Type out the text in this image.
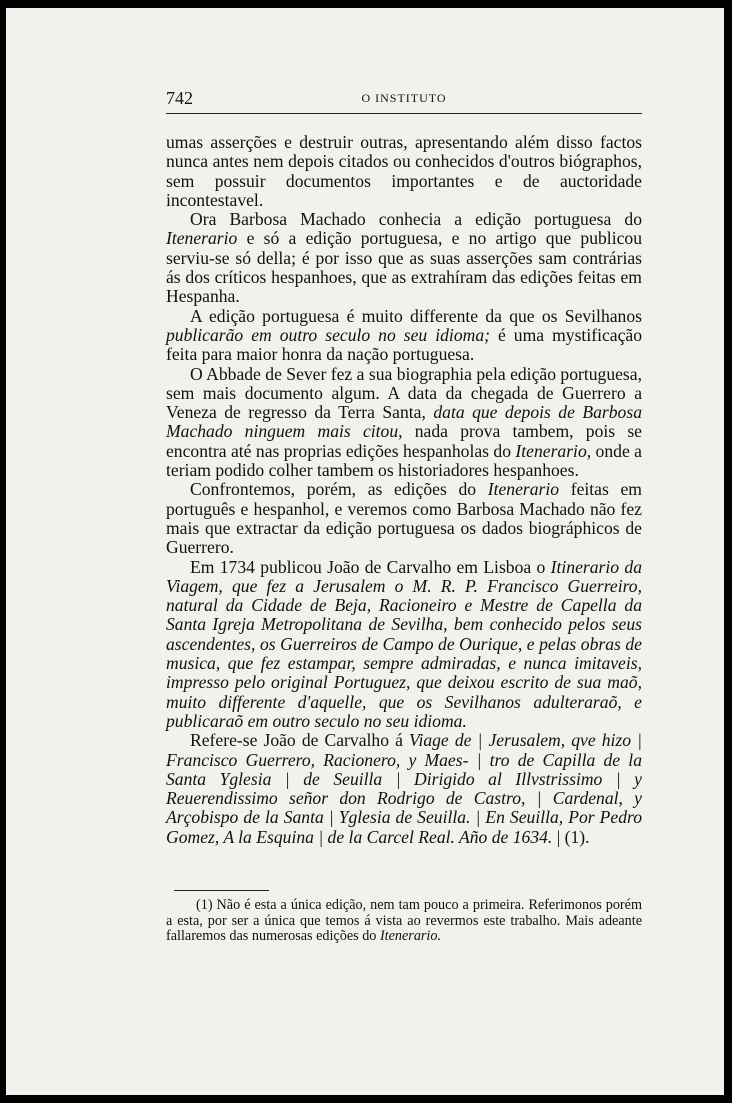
742	O INSTITUTO

umas asserções e destruir outras, apresentando além disso factos nunca antes nem depois citados ou conhecidos d'outros biógraphos, sem possuir documentos importantes e de auctoridade incontestavel.

Ora Barbosa Machado conhecia a edição portuguesa do Itenerario e só a edição portuguesa, e no artigo que publicou serviu-se só della; é por isso que as suas asserções sam contrárias ás dos críticos hespanhoes, que as extrahíram das edições feitas em Hespanha.

A edição portuguesa é muito differente da que os Sevilhanos publicarão em outro seculo no seu idioma; é uma mystificação feita para maior honra da nação portuguesa.

O Abbade de Sever fez a sua biographia pela edição portuguesa, sem mais documento algum. A data da chegada de Guerrero a Veneza de regresso da Terra Santa, data que depois de Barbosa Machado ninguem mais citou, nada prova tambem, pois se encontra até nas proprias edições hespanholas do Itenerario, onde a teriam podido colher tambem os historiadores hespanhoes.

Confrontemos, porém, as edições do Itenerario feitas em português e hespanhol, e veremos como Barbosa Machado não fez mais que extractar da edição portuguesa os dados biográphicos de Guerrero.

Em 1734 publicou João de Carvalho em Lisboa o Itinerario da Viagem, que fez a Jerusalem o M. R. P. Francisco Guerreiro, natural da Cidade de Beja, Racioneiro e Mestre de Capella da Santa Igreja Metropolitana de Sevilha, bem conhecido pelos seus ascendentes, os Guerreiros de Campo de Ourique, e pelas obras de musica, que fez estampar, sempre admiradas, e nunca imitaveis, impresso pelo original Portuguez, que deixou escrito de sua maõ, muito differente d'aquelle, que os Sevilhanos adulteraraõ, e publicaraõ em outro seculo no seu idioma.

Refere-se João de Carvalho á Viage de | Jerusalem, qve hizo | Francisco Guerrero, Racionero, y Maes- | tro de Capilla de la Santa Yglesia | de Seuilla | Dirigido al Illvstrissimo | y Reuerendissimo señor don Rodrigo de Castro, | Cardenal, y Arçobispo de la Santa | Yglesia de Seuilla. | En Seuilla, Por Pedro Gomez, A la Esquina | de la Carcel Real. Año de 1634. | (1).

(1) Não é esta a única edição, nem tam pouco a primeira. Referimonos porém a esta, por ser a única que temos á vista ao revermos este trabalho. Mais adeante fallaremos das numerosas edições do Itenerario.
